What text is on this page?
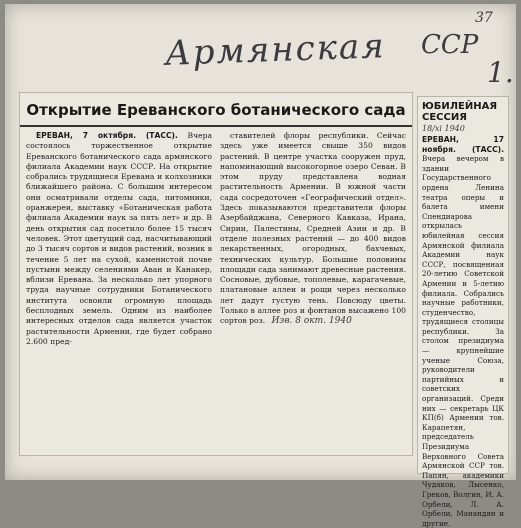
37
Армянская ССР
1.
Открытие Ереванского ботанического сада

ЕРЕВАН, 7 октября. (ТАСС). Вчера состоялось торжественное открытие Ереванского ботанического сада армянского филиала Академии наук СССР. На открытие собрались трудящиеся Еревана и колхозники ближайшего района. С большим интересом они осматривали отделы сада, питомники, оранжереи, выставку «Ботаническая работа филиала Академии наук за пять лет» и др. В день открытия сад посетило более 15 тысяч человек. Этот цветущий сад, насчитывающий до 3 тысяч сортов и видов растений, возник в течение 5 лет на сухой, каменистой почве пустыни между селениями Аван и Канакер, вблизи Еревана. За несколько лет упорного труда научные сотрудники Ботанического института освоили огромную площадь бесплодных земель. Одним из наиболее интересных отделов сада является участок растительности Армении, где будет собрано 2.600 пред-

ставителей флоры республики. Сейчас здесь уже имеется свыше 350 видов растений. В центре участка сооружен пруд, напоминающий высокогорное озеро Севан. В этом пруду представлена водная растительность Армении. В южной части сада сосредоточен «Географический отдел». Здесь показываются представители флоры Азербайджана, Северного Кавказа, Ирана, Сирии, Палестины, Средней Азии и др. В отделе полезных растений — до 400 видов лекарственных, огородных, бахчевых, технических культур. Большие половины площади сада занимают древесные растения. Сосновые, дубовые, тополевые, карагачевые, платановые аллеи и рощи через несколько лет дадут густую тень. Повсюду цветы. Только в аллее роз и фонтанов высажено 100 сортов роз. Изв. 8 окт. 1940

ЮБИЛЕЙНАЯ СЕССИЯ
18/xi 1940
ЕРЕВАН, 17 ноября. (ТАСС). Вчера вечером в здании Государственного ордена Ленина театра оперы и балета имени Спендиарова открылась юбилейная сессия Армянской филиала Академии наук СССР, посвященная 20-летию Советской Армении и 5-летию филиала. Собрались научные работники, студенчество, трудящиеся столицы республики. За столом президиума — крупнейшие ученые Союза, руководители партийных и советских организаций. Среди них — секретарь ЦК КП(б) Армении тов. Карапетян, председатель Президиума Верховного Совета Армянской ССР тов. Папян, академики Чудаков, Лысенко, Греков, Волгин, И. А. Орбели, Л. А. Орбели, Манандян и другие.
